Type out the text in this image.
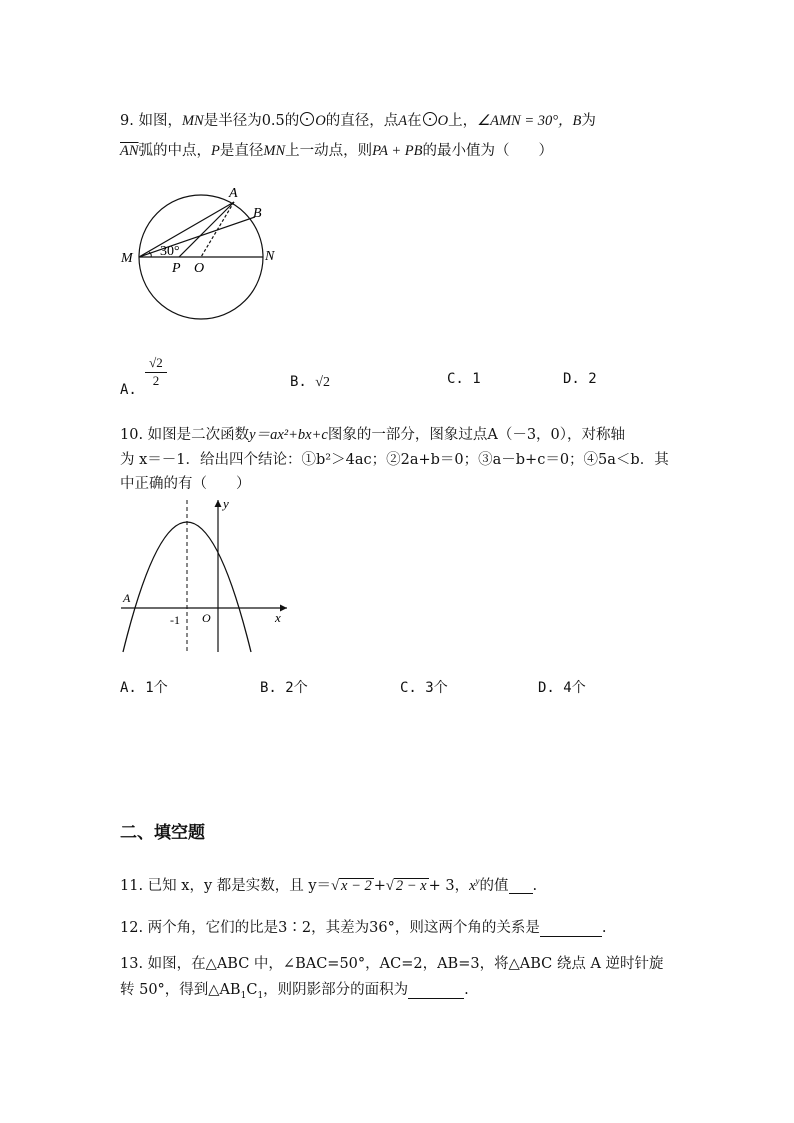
9. 如图，MN是半径为0.5的 O的直径，点A在 O上，∠AMN = 30°，B为
$\overline{AN}$弧的中点，P是直径MN上一动点，则PA + PB的最小值为（　　）
A
B
M	N
P O
30°
A.
√2
2	B. √2	C. 1	D. 2
10. 如图是二次函数y＝ax²+bx+c图象的一部分，图象过点A（－3，0），对称轴
为 x＝－1．给出四个结论：①b²＞4ac；②2a+b＝0；③a－b+c＝0；④5a＜b．其
中正确的有（　　）
y
x
A
O
-1
A. 1个	B. 2个	C. 3个	D. 4个
二、填空题
11. 已知 x，y 都是实数，且 y＝√ x − 2 +√ 2 − x + 3，$x^y$的值 .
12. 两个角，它们的比是3∶2，其差为36°，则这两个角的关系是	.
13. 如图，在△ABC 中，∠BAC=50°，AC=2，AB=3，将△ABC 绕点 A 逆时针旋
转 50°，得到$\triangle AB_1C_1$，则阴影部分的面积为	.
